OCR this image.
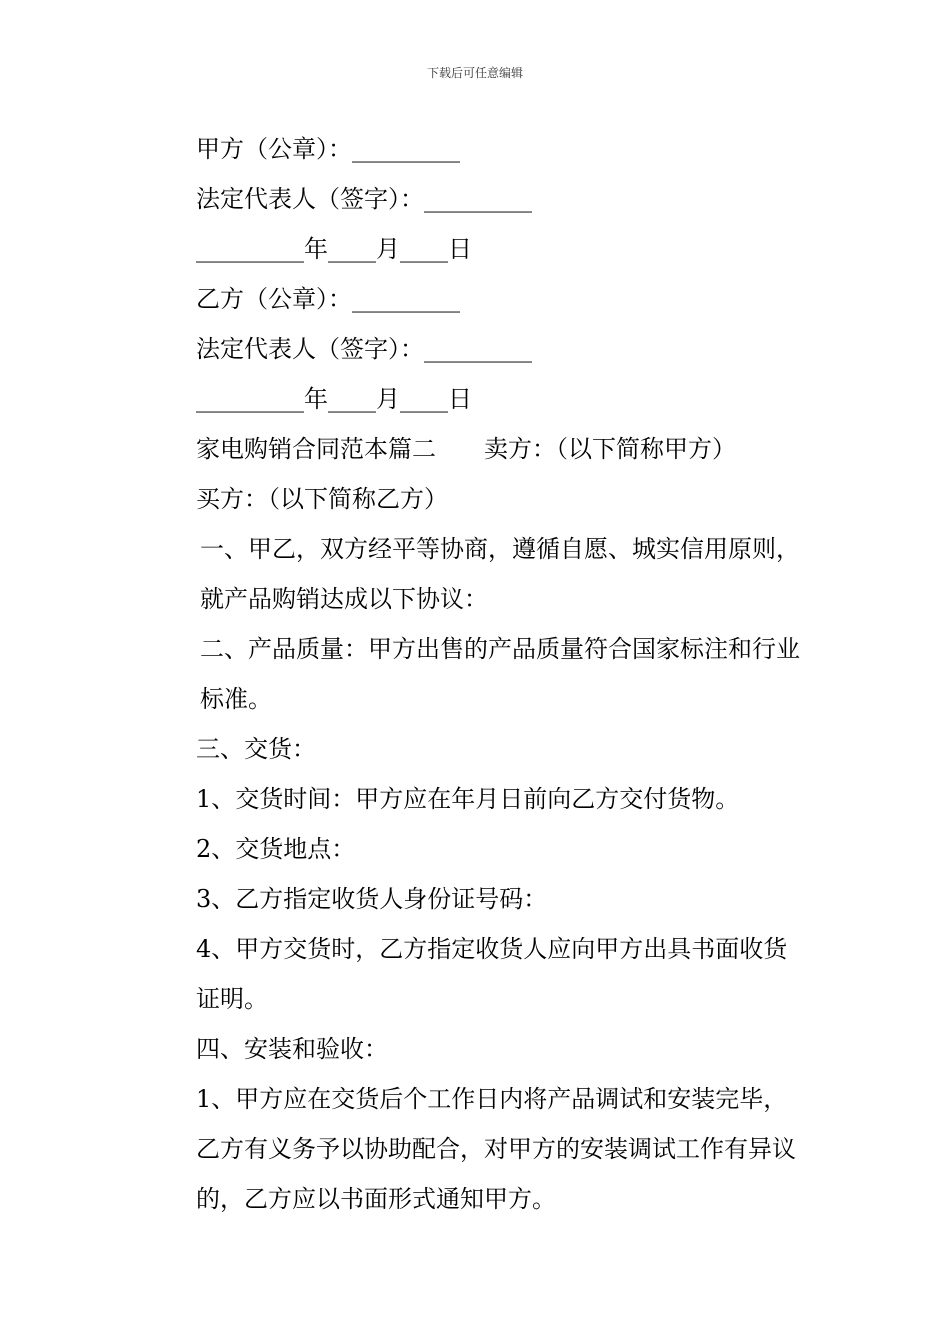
下载后可任意编辑
甲方（公章）：_________
法定代表人（签字）：_________
_________年____月____日
乙方（公章）：_________
法定代表人（签字）：_________
_________年____月____日
家电购销合同范本篇二 卖方：（以下简称甲方）
买方：（以下简称乙方）
一、甲乙，双方经平等协商，遵循自愿、城实信用原则，就产品购销达成以下协议：
二、产品质量：甲方出售的产品质量符合国家标注和行业标准。
三、交货：
1、交货时间：甲方应在年月日前向乙方交付货物。
2、交货地点：
3、乙方指定收货人身份证号码：
4、甲方交货时，乙方指定收货人应向甲方出具书面收货证明。
四、安装和验收：
1、甲方应在交货后个工作日内将产品调试和安装完毕，乙方有义务予以协助配合，对甲方的安装调试工作有异议的，乙方应以书面形式通知甲方。
